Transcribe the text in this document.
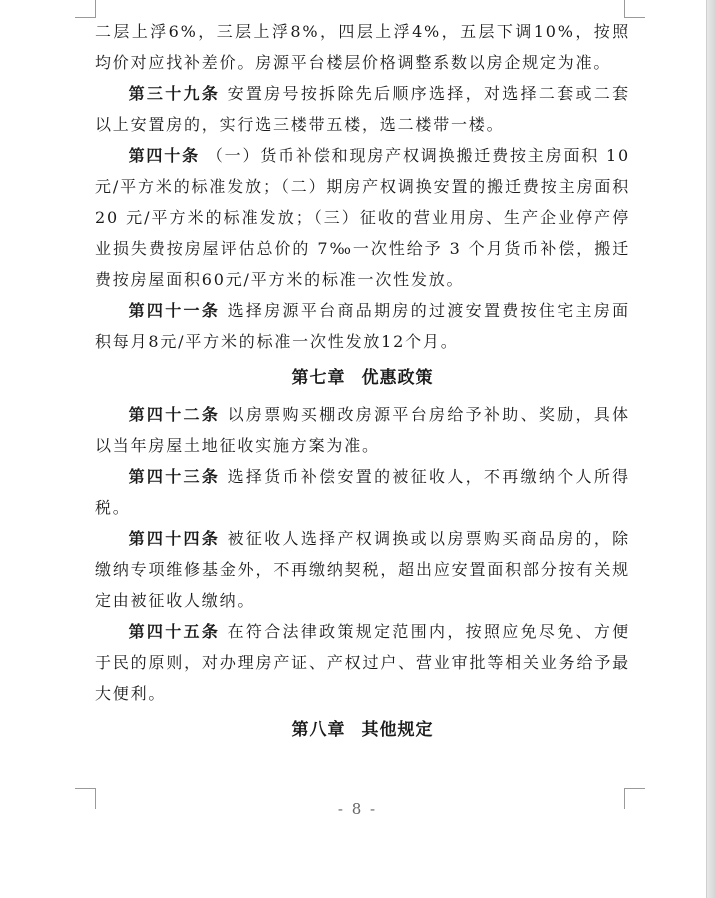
二层上浮6%，三层上浮8%，四层上浮4%，五层下调10%，按照均价对应找补差价。房源平台楼层价格调整系数以房企规定为准。

第三十九条 安置房号按拆除先后顺序选择，对选择二套或二套以上安置房的，实行选三楼带五楼，选二楼带一楼。

第四十条 （一）货币补偿和现房产权调换搬迁费按主房面积 10 元/平方米的标准发放；（二）期房产权调换安置的搬迁费按主房面积 20 元/平方米的标准发放；（三）征收的营业用房、生产企业停产停业损失费按房屋评估总价的 7‰一次性给予 3 个月货币补偿，搬迁费按房屋面积60元/平方米的标准一次性发放。

第四十一条 选择房源平台商品期房的过渡安置费按住宅主房面积每月8元/平方米的标准一次性发放12个月。

第七章 优惠政策

第四十二条 以房票购买棚改房源平台房给予补助、奖励，具体以当年房屋土地征收实施方案为准。

第四十三条 选择货币补偿安置的被征收人，不再缴纳个人所得税。

第四十四条 被征收人选择产权调换或以房票购买商品房的，除缴纳专项维修基金外，不再缴纳契税，超出应安置面积部分按有关规定由被征收人缴纳。

第四十五条 在符合法律政策规定范围内，按照应免尽免、方便于民的原则，对办理房产证、产权过户、营业审批等相关业务给予最大便利。

第八章 其他规定

- 8 -
